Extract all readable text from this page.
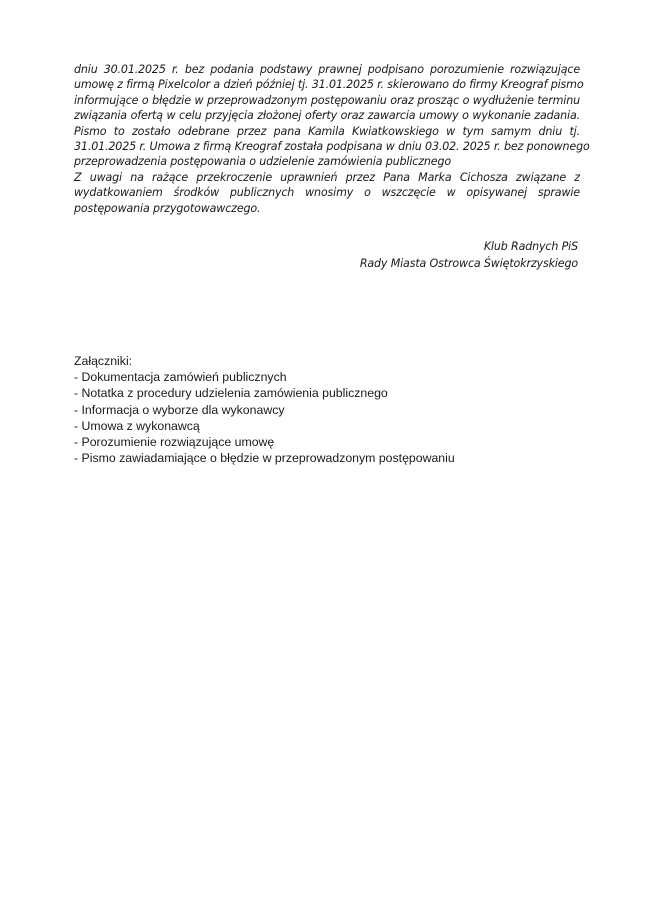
dniu 30.01.2025 r. bez podania podstawy prawnej podpisano porozumienie rozwiązujące
umowę z firmą Pixelcolor a dzień później tj. 31.01.2025 r. skierowano do firmy Kreograf pismo
informujące o błędzie w przeprowadzonym postępowaniu oraz prosząc o wydłużenie terminu
związania ofertą w celu przyjęcia złożonej oferty oraz zawarcia umowy o wykonanie zadania.
Pismo to zostało odebrane przez pana Kamila Kwiatkowskiego w tym samym dniu tj.
31.01.2025 r. Umowa z firmą Kreograf została podpisana w dniu 03.02. 2025 r. bez ponownego
przeprowadzenia postępowania o udzielenie zamówienia publicznego
Z uwagi na rażące przekroczenie uprawnień przez Pana Marka Cichosza związane z
wydatkowaniem środków publicznych wnosimy o wszczęcie w opisywanej sprawie
postępowania przygotowawczego.
Klub Radnych PiS
Rady Miasta Ostrowca Świętokrzyskiego
Załączniki:
- Dokumentacja zamówień publicznych
- Notatka z procedury udzielenia zamówienia publicznego
- Informacja o wyborze dla wykonawcy
- Umowa z wykonawcą
- Porozumienie rozwiązujące umowę
- Pismo zawiadamiające o błędzie w przeprowadzonym postępowaniu
